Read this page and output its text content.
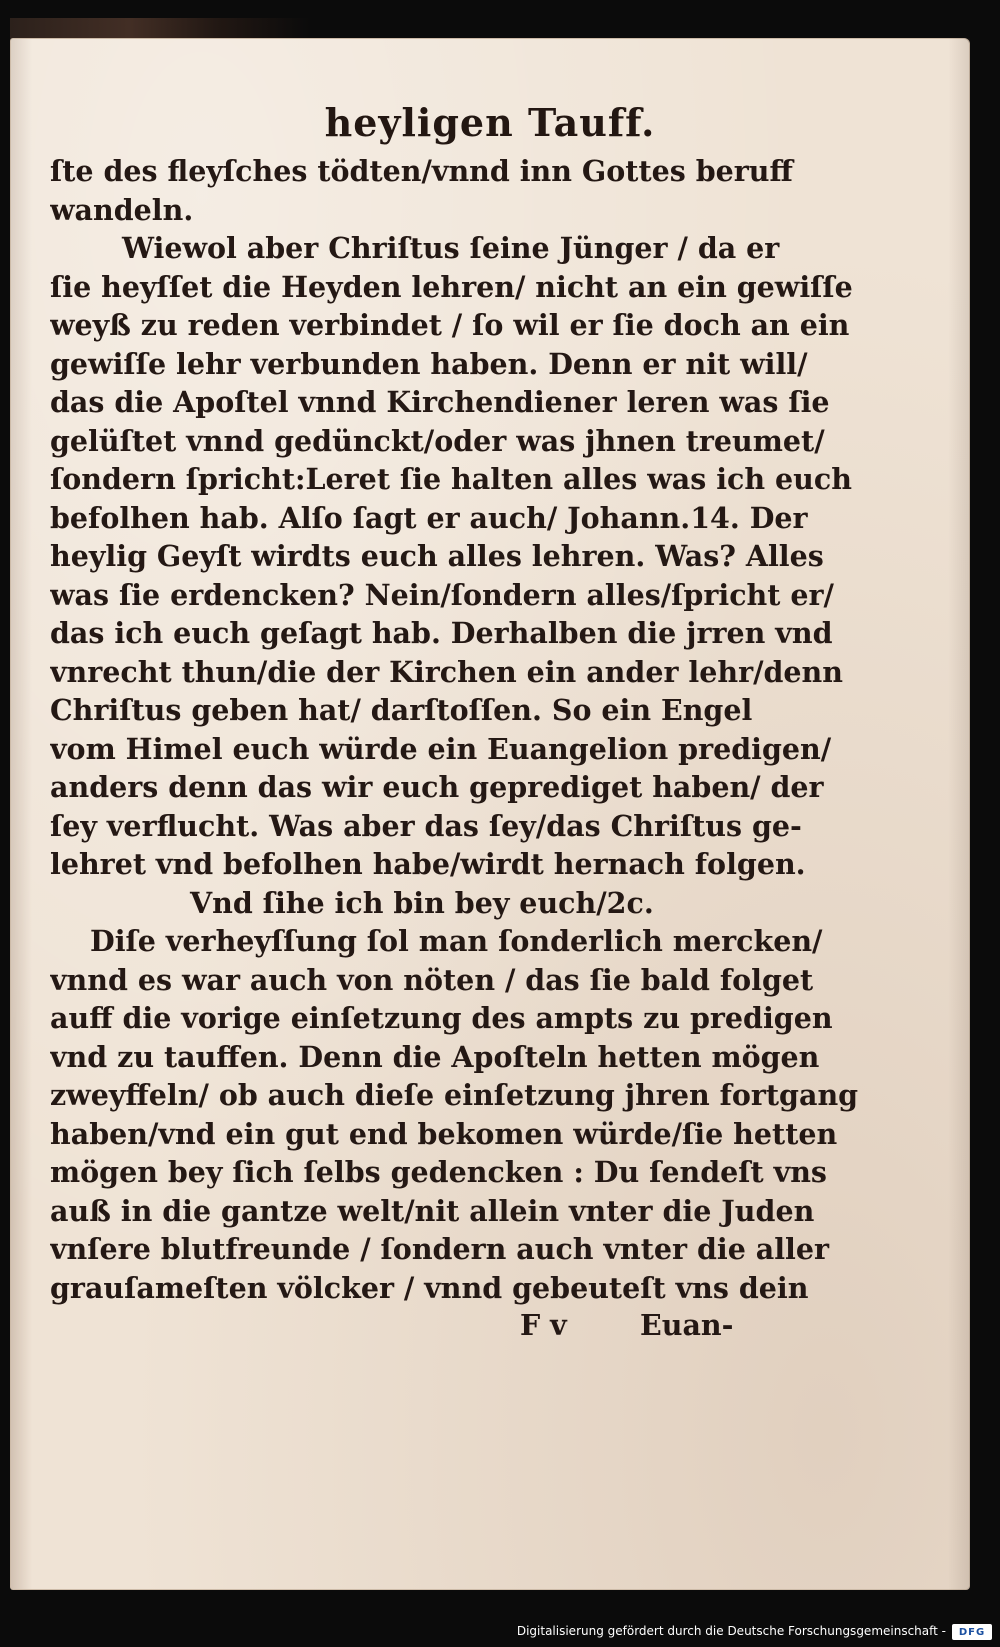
heyligen Tauff.
ſte des fleyſches tödten/vnnd inn Gottes beruff
wandeln.
Wiewol aber Chriſtus ſeine Jünger / da er
ſie heyſſet die Heyden lehren/ nicht an ein gewiſſe
weyß zu reden verbindet / ſo wil er ſie doch an ein
gewiſſe lehr verbunden haben. Denn er nit will/
das die Apoſtel vnnd Kirchendiener leren was ſie
gelüſtet vnnd gedünckt/oder was jhnen treumet/
ſondern ſpricht:Leret ſie halten alles was ich euch
befolhen hab. Alſo ſagt er auch/ Johann.14. Der
heylig Geyſt wirdts euch alles lehren. Was? Alles
was ſie erdencken? Nein/ſondern alles/ſpricht er/
das ich euch geſagt hab. Derhalben die jrren vnd
vnrecht thun/die der Kirchen ein ander lehr/denn
Chriſtus geben hat/ darſtoſſen. So ein Engel
vom Himel euch würde ein Euangelion predigen/
anders denn das wir euch geprediget haben/ der
ſey verflucht. Was aber das ſey/das Chriſtus ge-
lehret vnd befolhen habe/wirdt hernach folgen.
Vnd ſihe ich bin bey euch/2c.
Diſe verheyſſung ſol man ſonderlich mercken/
vnnd es war auch von nöten / das ſie bald folget
auff die vorige einſetzung des ampts zu predigen
vnd zu tauffen. Denn die Apoſteln hetten mögen
zweyffeln/ ob auch dieſe einſetzung jhren fortgang
haben/vnd ein gut end bekomen würde/ſie hetten
mögen bey ſich ſelbs gedencken : Du ſendeſt vns
auß in die gantze welt/nit allein vnter die Juden
vnſere blutfreunde / ſondern auch vnter die aller
grauſameſten völcker / vnnd gebeuteſt vns dein
F v	Euan-
Digitalisierung gefördert durch die Deutsche Forschungsgemeinschaft -	DFG
